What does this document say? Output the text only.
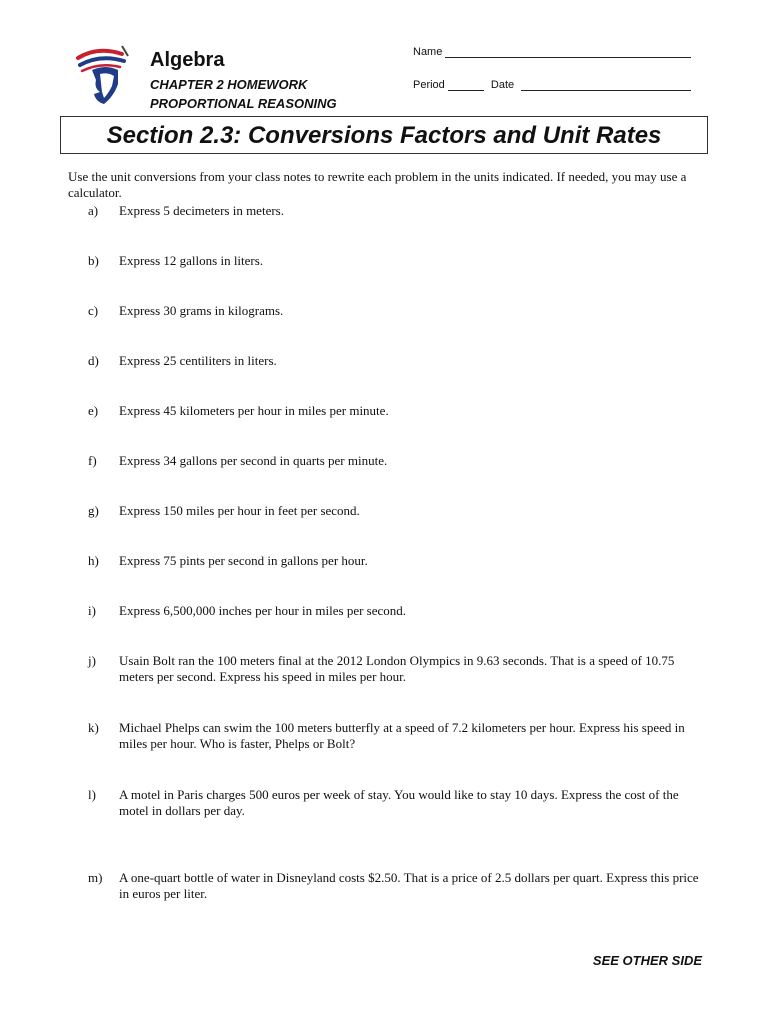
Algebra
CHAPTER 2 HOMEWORK
PROPORTIONAL REASONING
Name
Period	Date
Section 2.3: Conversions Factors and Unit Rates
Use the unit conversions from your class notes to rewrite each problem in the units indicated. If needed, you may use a calculator.
a) Express 5 decimeters in meters.
b) Express 12 gallons in liters.
c) Express 30 grams in kilograms.
d) Express 25 centiliters in liters.
e) Express 45 kilometers per hour in miles per minute.
f) Express 34 gallons per second in quarts per minute.
g) Express 150 miles per hour in feet per second.
h) Express 75 pints per second in gallons per hour.
i) Express 6,500,000 inches per hour in miles per second.
j) Usain Bolt ran the 100 meters final at the 2012 London Olympics in 9.63 seconds. That is a speed of 10.75 meters per second. Express his speed in miles per hour.
k) Michael Phelps can swim the 100 meters butterfly at a speed of 7.2 kilometers per hour. Express his speed in miles per hour. Who is faster, Phelps or Bolt?
l) A motel in Paris charges 500 euros per week of stay. You would like to stay 10 days. Express the cost of the motel in dollars per day.
m) A one-quart bottle of water in Disneyland costs $2.50. That is a price of 2.5 dollars per quart. Express this price in euros per liter.
SEE OTHER SIDE
